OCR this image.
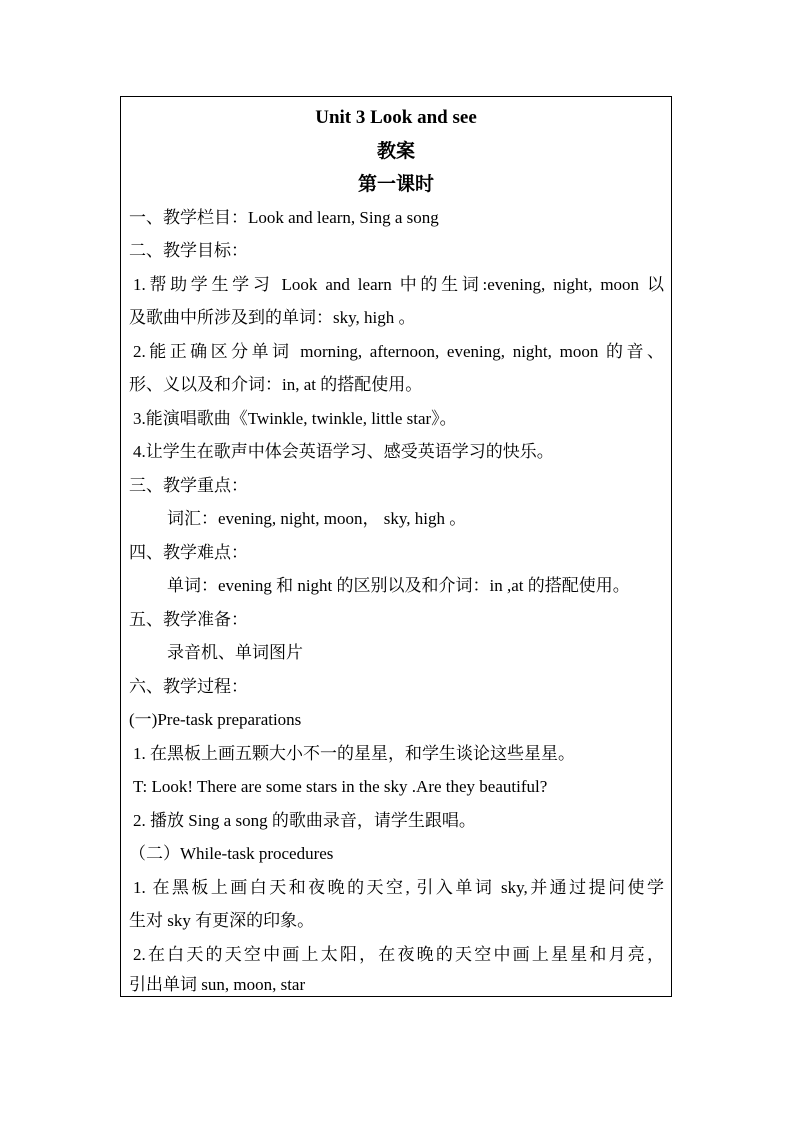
Unit 3 Look and see
教案
第一课时
一、教学栏目：Look and learn, Sing a song
二、教学目标：
1.帮助学生学习 Look and learn 中的生词:evening, night, moon 以
及歌曲中所涉及到的单词：sky, high 。
2.能正确区分单词 morning, afternoon, evening, night, moon 的音、
形、义以及和介词：in, at 的搭配使用。
3.能演唱歌曲《Twinkle, twinkle, little star》。
4.让学生在歌声中体会英语学习、感受英语学习的快乐。
三、教学重点：
词汇：evening, night, moon， sky, high 。
四、教学难点：
单词：evening 和 night 的区别以及和介词：in ,at 的搭配使用。
五、教学准备：
录音机、单词图片
六、教学过程：
(一)Pre-task preparations
1. 在黑板上画五颗大小不一的星星，和学生谈论这些星星。
T: Look! There are some stars in the sky .Are they beautiful?
2. 播放 Sing a song 的歌曲录音，请学生跟唱。
（二）While-task procedures
1. 在黑板上画白天和夜晚的天空, 引入单词 sky,并通过提问使学
生对 sky 有更深的印象。
2.在白天的天空中画上太阳，在夜晚的天空中画上星星和月亮，
引出单词 sun, moon, star
